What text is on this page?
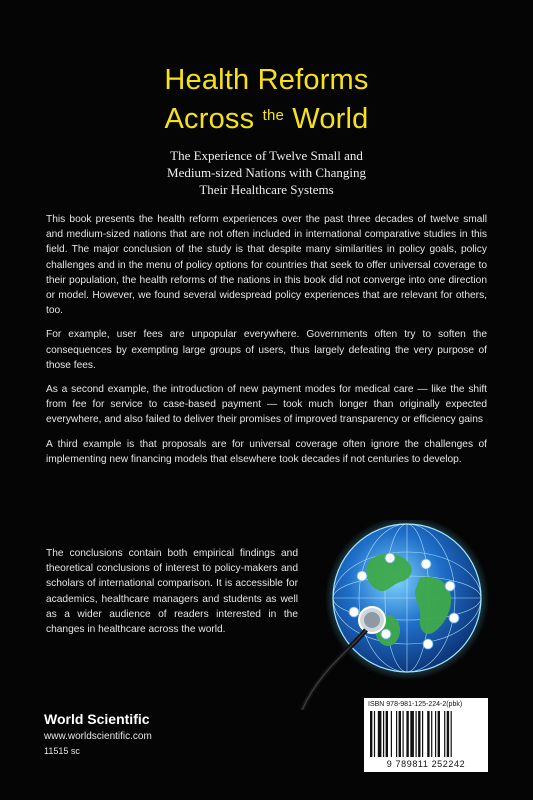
Health Reforms
Across $^{the}$ World
The Experience of Twelve Small and
Medium-sized Nations with Changing
Their Healthcare Systems

This book presents the health reform experiences over the past three decades of twelve small and medium-sized nations that are not often included in international comparative studies in this field. The major conclusion of the study is that despite many similarities in policy goals, policy challenges and in the menu of policy options for countries that seek to offer universal coverage to their population, the health reforms of the nations in this book did not converge into one direction or model. However, we found several widespread policy experiences that are relevant for others, too.

For example, user fees are unpopular everywhere. Governments often try to soften the consequences by exempting large groups of users, thus largely defeating the very purpose of those fees.

As a second example, the introduction of new payment modes for medical care — like the shift from fee for service to case-based payment — took much longer than originally expected everywhere, and also failed to deliver their promises of improved transparency or efficiency gains

A third example is that proposals are for universal coverage often ignore the challenges of implementing new financing models that elsewhere took decades if not centuries to develop.

The conclusions contain both empirical findings and theoretical conclusions of interest to policy-makers and scholars of international comparison. It is accessible for academics, healthcare managers and students as well as a wider audience of readers interested in the changes in healthcare across the world.
World Scientific
www.worldscientific.com
11515 sc
ISBN 978-981-125-224-2(pbk)
9 789811 252242
